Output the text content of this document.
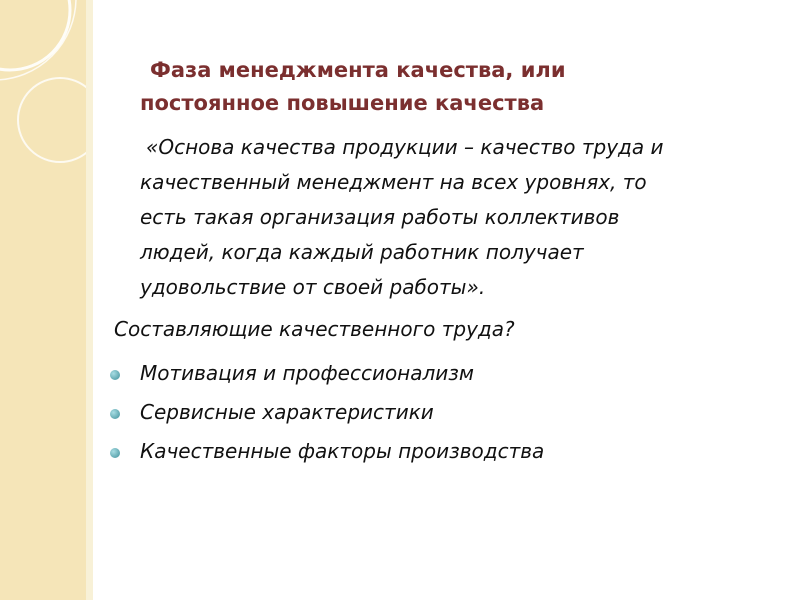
Фаза менеджмента качества, или
постоянное повышение качества
«Основа качества продукции – качество труда и
качественный менеджмент на всех уровнях, то
есть такая организация работы коллективов
людей, когда каждый работник получает
удовольствие от своей работы».
Составляющие качественного труда?
Мотивация и профессионализм
Сервисные характеристики
Качественные факторы производства
